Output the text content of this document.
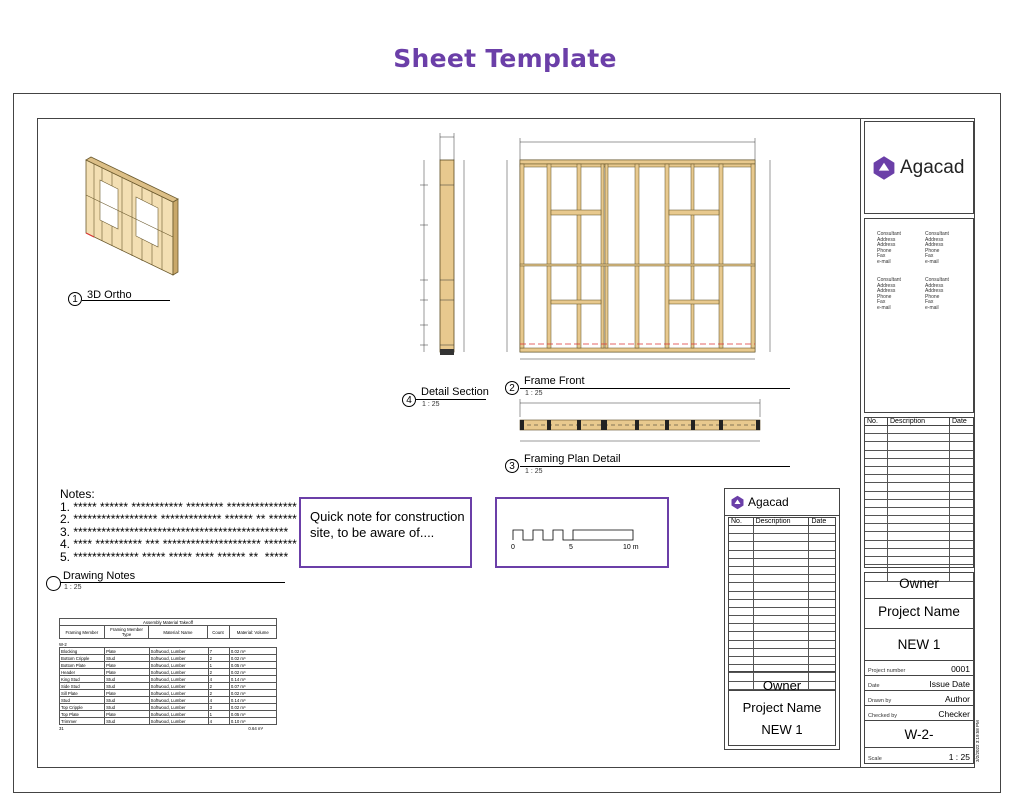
Sheet Template
1 3D Ortho
4
Detail Section
1 : 25
2
Frame Front
1 : 25
3
Framing Plan Detail
1 : 25
Notes:
1. ***** ****** *********** ******** ***************
2. ****************** ************* ****** ** ******
3. **********************************************
4. **** ********** *** ********************* *******
5. ************** ***** ***** **** ****** **  *****
Drawing Notes
1 : 25
Quick note for construction site, to be aware of....
0	5	10 m
Assembly Material Takeoff
Framing Member	Framing Member Type	Material: Name	Count	Material: Volume
W-2
Blocking	Plate	Softwood, Lumber	7	0.02 m³
Bottom Cripple	Stud	Softwood, Lumber	2	0.02 m³
Bottom Plate	Plate	Softwood, Lumber	1	0.05 m³
Header	Plate	Softwood, Lumber	2	0.02 m³
King Stud	Stud	Softwood, Lumber	4	0.14 m³
Side Stud	Stud	Softwood, Lumber	2	0.07 m³
Sill Plate	Plate	Softwood, Lumber	2	0.02 m³
Stud	Stud	Softwood, Lumber	4	0.14 m³
Top Cripple	Stud	Softwood, Lumber	3	0.02 m³
Top Plate	Plate	Softwood, Lumber	1	0.05 m³
Trimmer	Stud	Softwood, Lumber	4	0.10 m³
31	0.64 m³
Agacad
No.	Description	Date
Owner
Project Name
NEW 1
Agacad
Consultant
Address
Address
Phone
Fax
e-mail
Consultant
Address
Address
Phone
Fax
e-mail
Consultant
Address
Address
Phone
Fax
e-mail
Consultant
Address
Address
Phone
Fax
e-mail
No.	Description	Date
Owner
Project Name
NEW 1
Project number	0001
Date	Issue Date
Drawn by	Author
Checked by	Checker
W-2-
Scale	1 : 25 3/2/2022 3:19:58 PM
